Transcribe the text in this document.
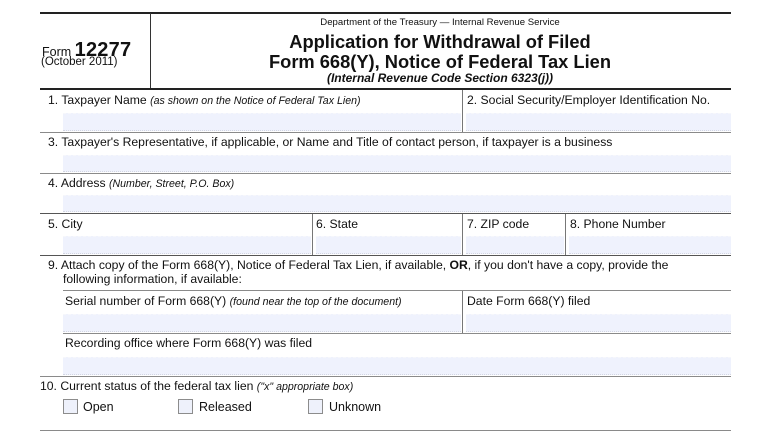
Form 12277
(October 2011)
Department of the Treasury — Internal Revenue Service
Application for Withdrawal of Filed
Form 668(Y), Notice of Federal Tax Lien
(Internal Revenue Code Section 6323(j))
1. Taxpayer Name (as shown on the Notice of Federal Tax Lien)	2. Social Security/Employer Identification No.
3. Taxpayer's Representative, if applicable, or Name and Title of contact person, if taxpayer is a business
4. Address (Number, Street, P.O. Box)
5. City	6. State	7. ZIP code	8. Phone Number
9. Attach copy of the Form 668(Y), Notice of Federal Tax Lien, if available, OR, if you don't have a copy, provide the
following information, if available:
Serial number of Form 668(Y) (found near the top of the document)	Date Form 668(Y) filed
Recording office where Form 668(Y) was filed
10. Current status of the federal tax lien ("x" appropriate box)
Open	Released	Unknown
